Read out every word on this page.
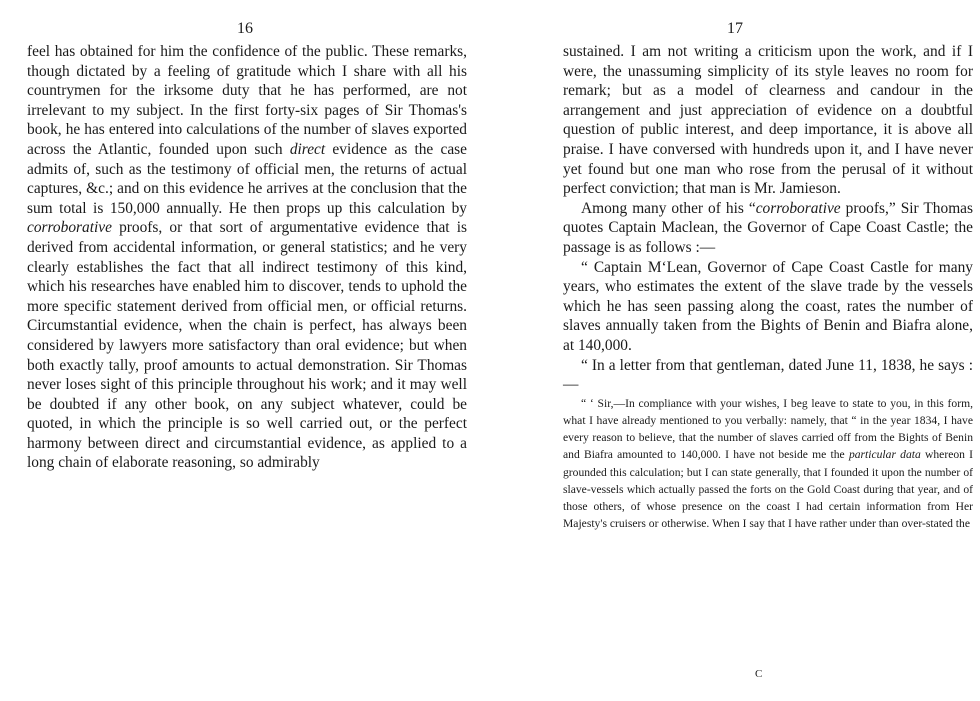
16

feel has obtained for him the confidence of the public. These remarks, though dictated by a feeling of gratitude which I share with all his countrymen for the irksome duty that he has performed, are not irrelevant to my subject. In the first forty-six pages of Sir Thomas's book, he has entered into calculations of the number of slaves exported across the Atlantic, founded upon such direct evidence as the case admits of, such as the testimony of official men, the returns of actual captures, &c.; and on this evidence he arrives at the conclusion that the sum total is 150,000 annually. He then props up this calculation by corroborative proofs, or that sort of argumentative evidence that is derived from accidental information, or general statistics; and he very clearly establishes the fact that all indirect testimony of this kind, which his researches have enabled him to discover, tends to uphold the more specific statement derived from official men, or official returns. Circumstantial evidence, when the chain is perfect, has always been considered by lawyers more satisfactory than oral evidence; but when both exactly tally, proof amounts to actual demonstration. Sir Thomas never loses sight of this principle throughout his work; and it may well be doubted if any other book, on any subject whatever, could be quoted, in which the principle is so well carried out, or the perfect harmony between direct and circumstantial evidence, as applied to a long chain of elaborate reasoning, so admirably

17

sustained. I am not writing a criticism upon the work, and if I were, the unassuming simplicity of its style leaves no room for remark; but as a model of clearness and candour in the arrangement and just appreciation of evidence on a doubtful question of public interest, and deep importance, it is above all praise. I have conversed with hundreds upon it, and I have never yet found but one man who rose from the perusal of it without perfect conviction; that man is Mr. Jamieson.

Among many other of his “corroborative proofs,” Sir Thomas quotes Captain Maclean, the Governor of Cape Coast Castle; the passage is as follows :—

“ Captain M‘Lean, Governor of Cape Coast Castle for many years, who estimates the extent of the slave trade by the vessels which he has seen passing along the coast, rates the number of slaves annually taken from the Bights of Benin and Biafra alone, at 140,000.

“ In a letter from that gentleman, dated June 11, 1838, he says :—

“ ‘ Sir,—In compliance with your wishes, I beg leave to state to you, in this form, what I have already mentioned to you verbally: namely, that “ in the year 1834, I have every reason to believe, that the number of slaves carried off from the Bights of Benin and Biafra amounted to 140,000. I have not beside me the particular data whereon I grounded this calculation; but I can state generally, that I founded it upon the number of slave-vessels which actually passed the forts on the Gold Coast during that year, and of those others, of whose presence on the coast I had certain information from Her Majesty's cruisers or otherwise. When I say that I have rather under than over-stated the

C
